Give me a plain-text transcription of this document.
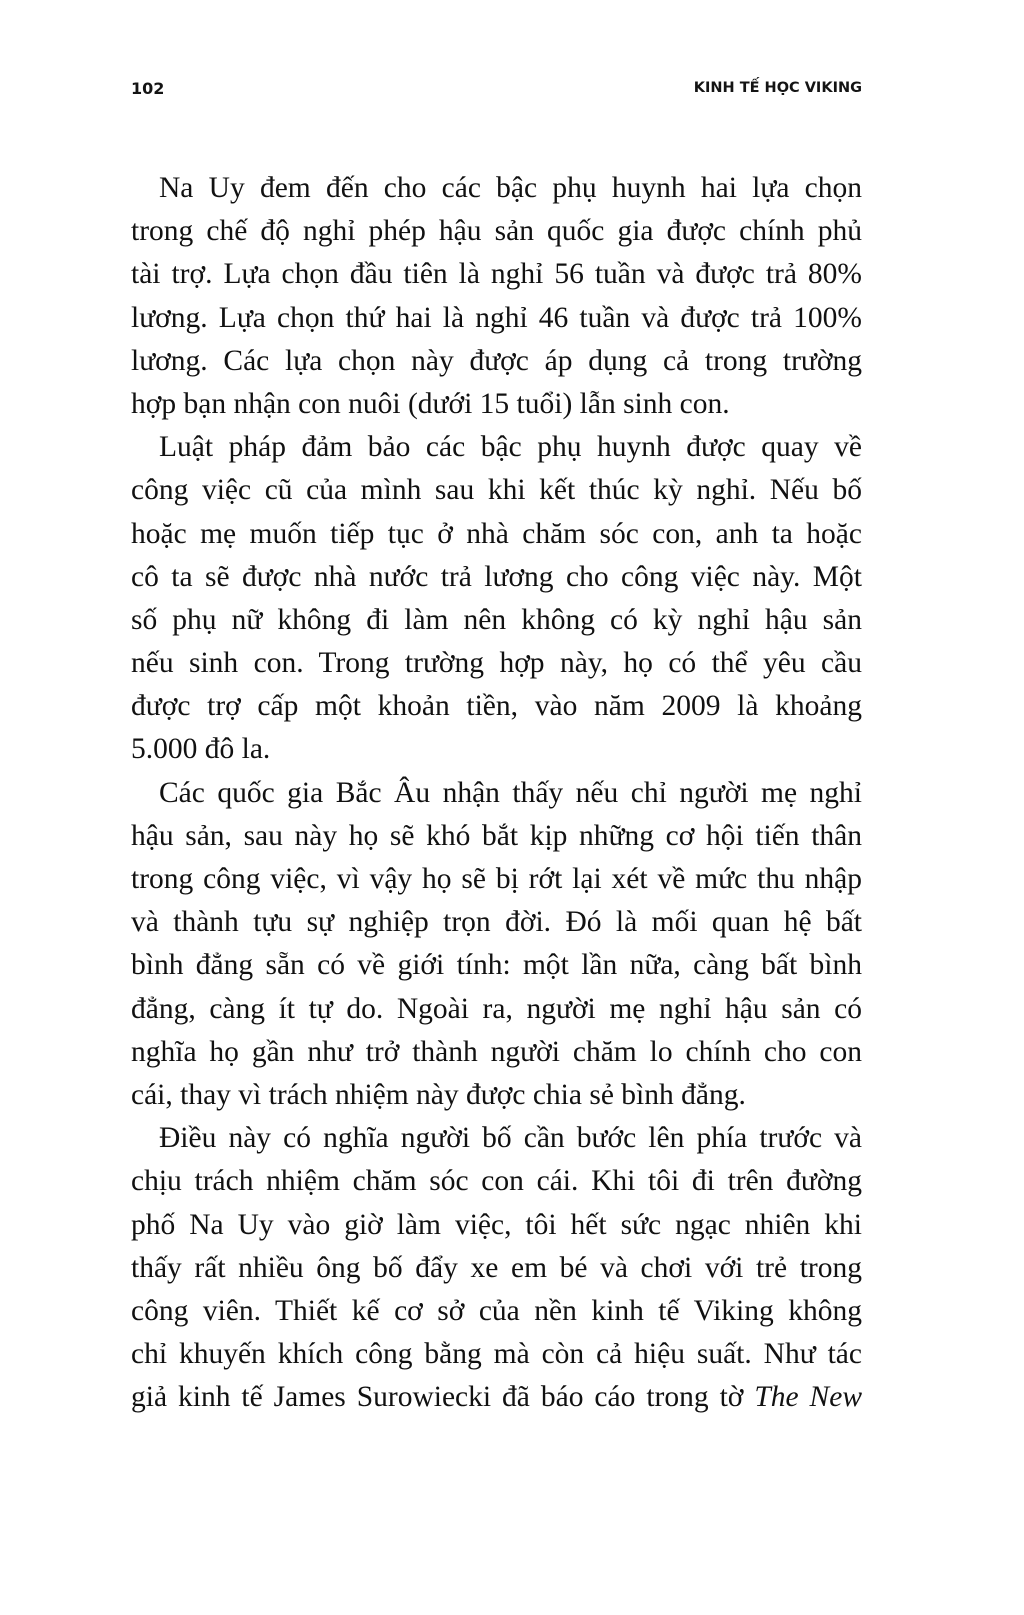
102	KINH TẾ HỌC VIKING

Na Uy đem đến cho các bậc phụ huynh hai lựa chọn
trong chế độ nghỉ phép hậu sản quốc gia được chính phủ
tài trợ. Lựa chọn đầu tiên là nghỉ 56 tuần và được trả 80%
lương. Lựa chọn thứ hai là nghỉ 46 tuần và được trả 100%
lương. Các lựa chọn này được áp dụng cả trong trường
hợp bạn nhận con nuôi (dưới 15 tuổi) lẫn sinh con.

Luật pháp đảm bảo các bậc phụ huynh được quay về
công việc cũ của mình sau khi kết thúc kỳ nghỉ. Nếu bố
hoặc mẹ muốn tiếp tục ở nhà chăm sóc con, anh ta hoặc
cô ta sẽ được nhà nước trả lương cho công việc này. Một
số phụ nữ không đi làm nên không có kỳ nghỉ hậu sản
nếu sinh con. Trong trường hợp này, họ có thể yêu cầu
được trợ cấp một khoản tiền, vào năm 2009 là khoảng
5.000 đô la.

Các quốc gia Bắc Âu nhận thấy nếu chỉ người mẹ nghỉ
hậu sản, sau này họ sẽ khó bắt kịp những cơ hội tiến thân
trong công việc, vì vậy họ sẽ bị rớt lại xét về mức thu nhập
và thành tựu sự nghiệp trọn đời. Đó là mối quan hệ bất
bình đẳng sẵn có về giới tính: một lần nữa, càng bất bình
đẳng, càng ít tự do. Ngoài ra, người mẹ nghỉ hậu sản có
nghĩa họ gần như trở thành người chăm lo chính cho con
cái, thay vì trách nhiệm này được chia sẻ bình đẳng.

Điều này có nghĩa người bố cần bước lên phía trước và
chịu trách nhiệm chăm sóc con cái. Khi tôi đi trên đường
phố Na Uy vào giờ làm việc, tôi hết sức ngạc nhiên khi
thấy rất nhiều ông bố đẩy xe em bé và chơi với trẻ trong
công viên. Thiết kế cơ sở của nền kinh tế Viking không
chỉ khuyến khích công bằng mà còn cả hiệu suất. Như tác
giả kinh tế James Surowiecki đã báo cáo trong tờ The New
